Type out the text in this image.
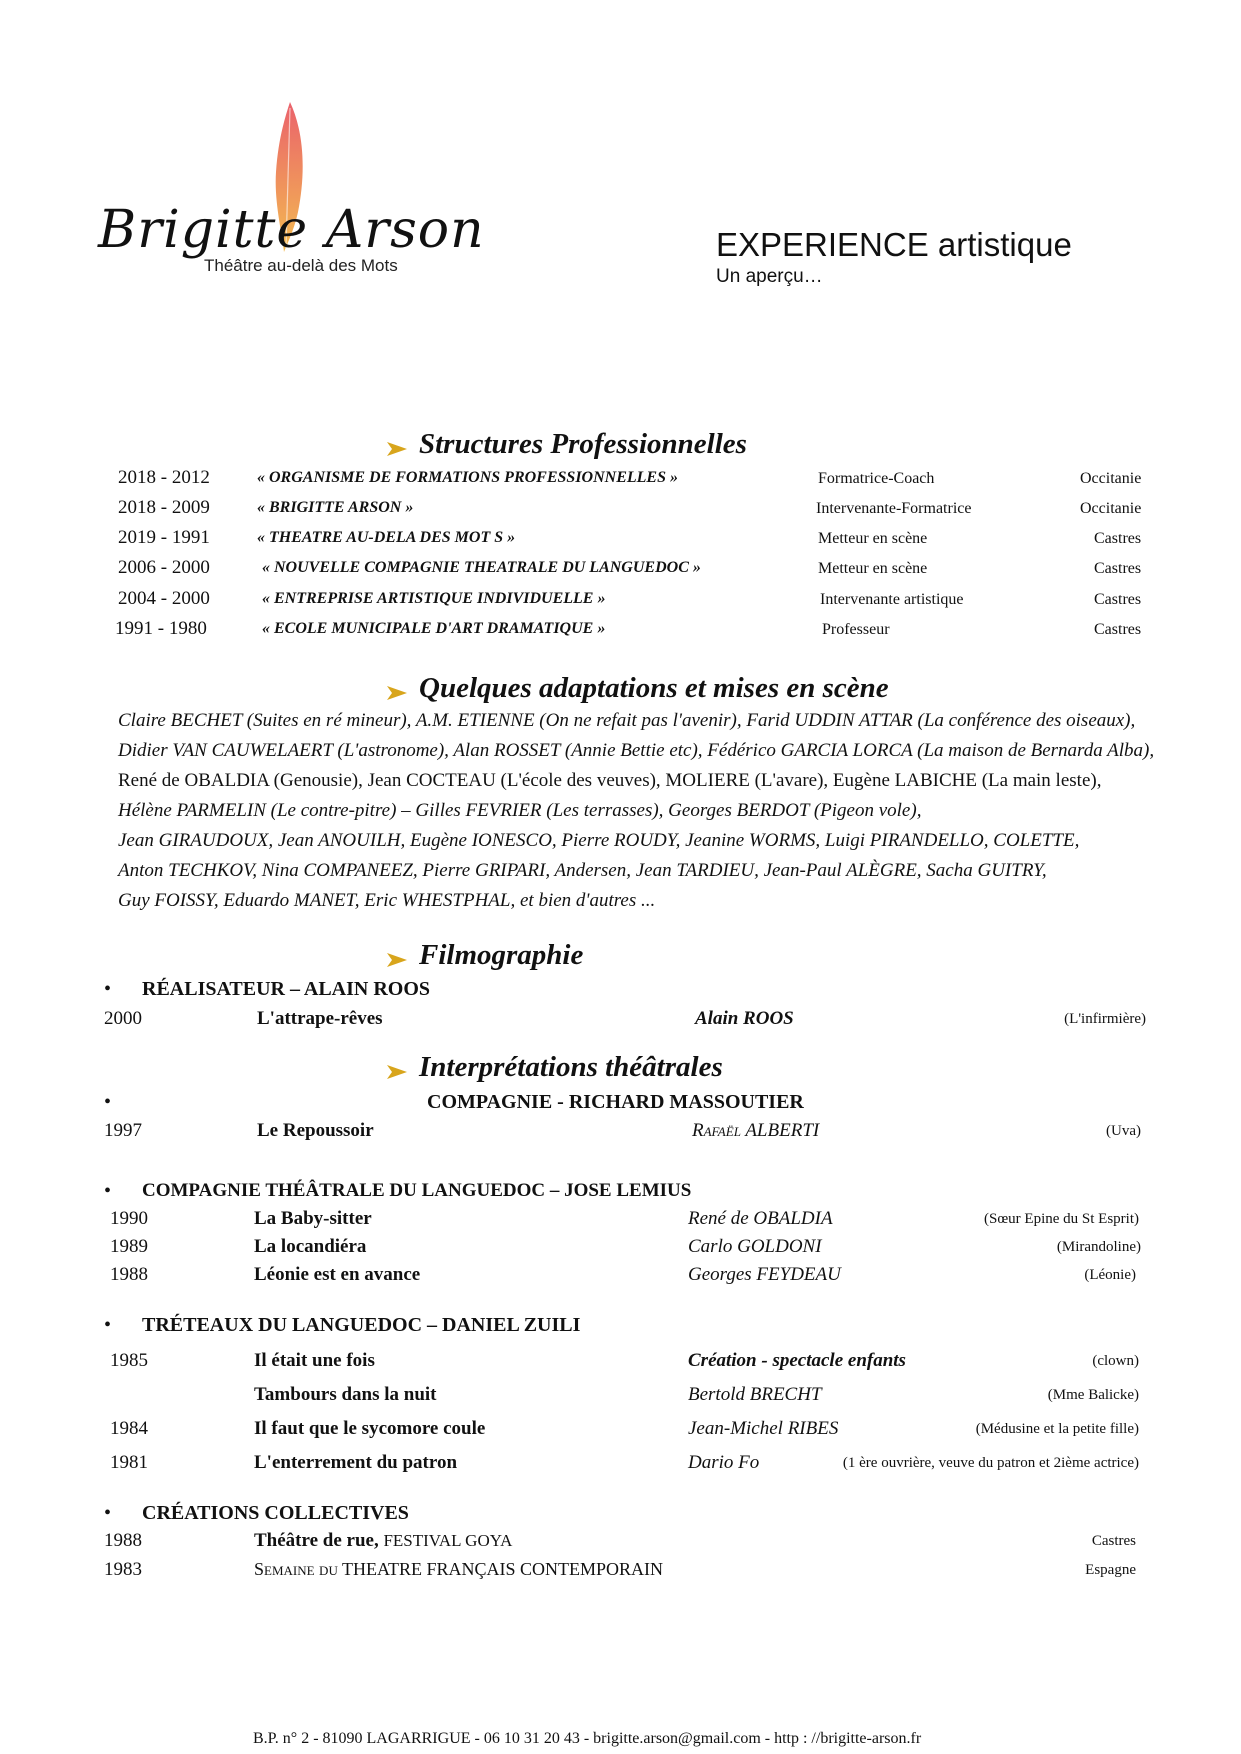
Brigitte Arson
Théâtre au-delà des Mots
EXPERIENCE artistique
Un aperçu…
Structures Professionnelles
2018 - 2012	« ORGANISME DE FORMATIONS PROFESSIONNELLES »	Formatrice-Coach	Occitanie
2018 - 2009	« BRIGITTE ARSON »	Intervenante-Formatrice	Occitanie
2019 - 1991	« THEATRE AU-DELA DES MOT S »	Metteur en scène	Castres
2006 - 2000	« NOUVELLE COMPAGNIE THEATRALE DU LANGUEDOC »	Metteur en scène	Castres
2004 - 2000	« ENTREPRISE ARTISTIQUE INDIVIDUELLE »	Intervenante artistique	Castres
1991 - 1980	« ECOLE MUNICIPALE D'ART DRAMATIQUE »	Professeur	Castres
Quelques adaptations et mises en scène
Claire BECHET (Suites en ré mineur), A.M. ETIENNE (On ne refait pas l'avenir), Farid UDDIN ATTAR (La conférence des oiseaux),
Didier VAN CAUWELAERT (L'astronome), Alan ROSSET (Annie Bettie etc), Fédérico GARCIA LORCA (La maison de Bernarda Alba),
René de OBALDIA (Genousie), Jean COCTEAU (L'école des veuves), MOLIERE (L'avare), Eugène LABICHE (La main leste),
Hélène PARMELIN (Le contre-pitre) – Gilles FEVRIER (Les terrasses), Georges BERDOT (Pigeon vole),
Jean GIRAUDOUX, Jean ANOUILH, Eugène IONESCO, Pierre ROUDY, Jeanine WORMS, Luigi PIRANDELLO, COLETTE,
Anton TECHKOV, Nina COMPANEEZ, Pierre GRIPARI, Andersen, Jean TARDIEU, Jean-Paul ALÈGRE, Sacha GUITRY,
Guy FOISSY, Eduardo MANET, Eric WHESTPHAL, et bien d'autres ...
Filmographie
• RÉALISATEUR – ALAIN ROOS
2000	L'attrape-rêves	Alain ROOS	(L'infirmière)
Interprétations théâtrales
•	COMPAGNIE - RICHARD MASSOUTIER
1997	Le Repoussoir	Rafaël ALBERTI	(Uva)
• COMPAGNIE THÉÂTRALE DU LANGUEDOC – JOSE LEMIUS
1990	La Baby-sitter	René de OBALDIA	(Sœur Epine du St Esprit)
1989	La locandiéra	Carlo GOLDONI	(Mirandoline)
1988	Léonie est en avance	Georges FEYDEAU	(Léonie)
• TRÉTEAUX DU LANGUEDOC – DANIEL ZUILI
1985	Il était une fois	Création - spectacle enfants	(clown)
Tambours dans la nuit	Bertold BRECHT	(Mme Balicke)
1984	Il faut que le sycomore coule	Jean-Michel RIBES	(Médusine et la petite fille)
1981	L'enterrement du patron	Dario Fo	(1 ère ouvrière, veuve du patron et 2ième actrice)
• CRÉATIONS COLLECTIVES
1988	Théâtre de rue, FESTIVAL GOYA	Castres
1983	Semaine du THEATRE FRANÇAIS CONTEMPORAIN	Espagne
B.P. n° 2 - 81090 LAGARRIGUE - 06 10 31 20 43 - brigitte.arson@gmail.com - http : //brigitte-arson.fr
